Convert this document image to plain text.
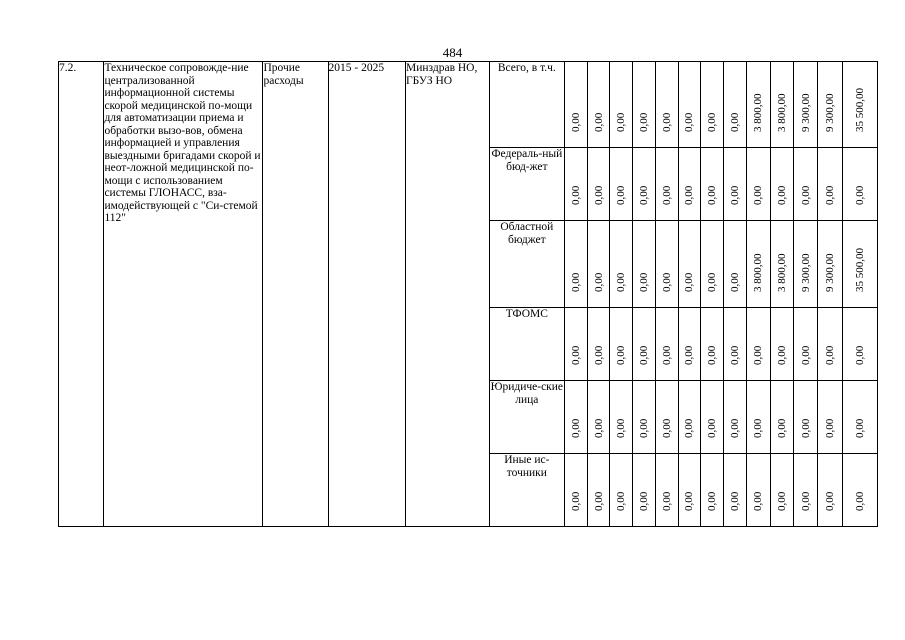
484
7.2.	Техническое сопровожде-ние централизованной информационной системы скорой медицинской по-мощи для автоматизации приема и обработки вызо-вов, обмена информацией и управления выездными бригадами скорой и неот-ложной медицинской по-мощи с использованием системы ГЛОНАСС, вза-имодействующей с "Си-стемой 112"	Прочие расходы	2015 - 2025	Минздрав НО, ГБУЗ НО	Всего, в т.ч.	0,00	0,00	0,00	0,00	0,00	0,00	0,00	0,00	3 800,00	3 800,00	9 300,00	9 300,00	35 500,00

					Федераль-ный бюд-жет	0,00	0,00	0,00	0,00	0,00	0,00	0,00	0,00	0,00	0,00	0,00	0,00	0,00

					Областной бюджет	0,00	0,00	0,00	0,00	0,00	0,00	0,00	0,00	3 800,00	3 800,00	9 300,00	9 300,00	35 500,00

					ТФОМС	0,00	0,00	0,00	0,00	0,00	0,00	0,00	0,00	0,00	0,00	0,00	0,00	0,00

					Юридиче-ские лица	0,00	0,00	0,00	0,00	0,00	0,00	0,00	0,00	0,00	0,00	0,00	0,00	0,00

					Иные ис-точники	0,00	0,00	0,00	0,00	0,00	0,00	0,00	0,00	0,00	0,00	0,00	0,00	0,00
